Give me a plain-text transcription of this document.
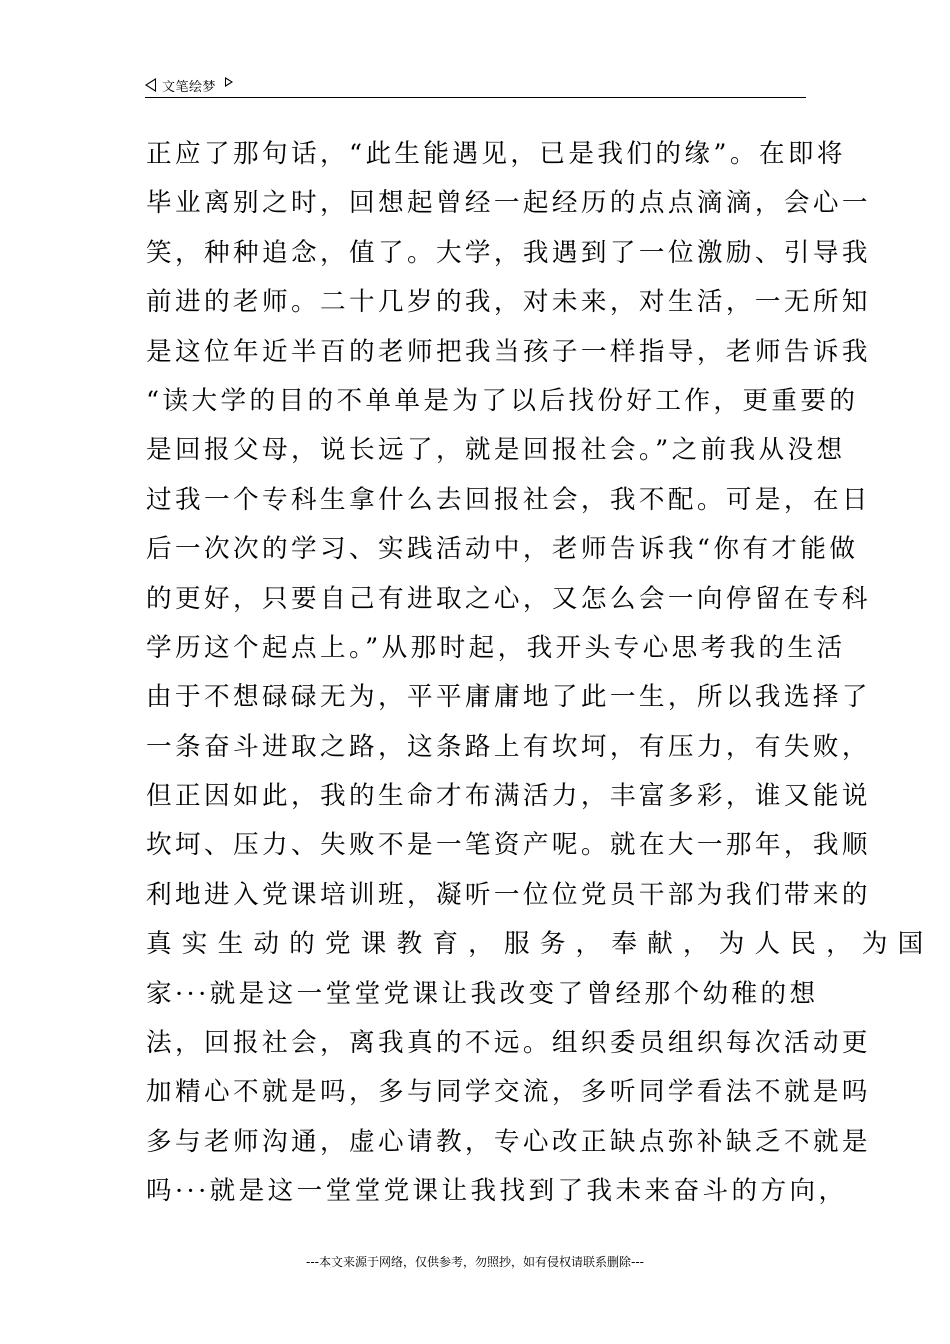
文笔绘梦
正应了那句话，“此生能遇见，已是我们的缘”。在即将
毕业离别之时，回想起曾经一起经历的点点滴滴，会心一
笑，种种追念，值了。大学，我遇到了一位激励、引导我
前进的老师。二十几岁的我，对未来，对生活，一无所知
是这位年近半百的老师把我当孩子一样指导，老师告诉我
“读大学的目的不单单是为了以后找份好工作，更重要的
是回报父母，说长远了，就是回报社会。”之前我从没想
过我一个专科生拿什么去回报社会，我不配。可是，在日
后一次次的学习、实践活动中，老师告诉我“你有才能做
的更好，只要自己有进取之心，又怎么会一向停留在专科
学历这个起点上。”从那时起，我开头专心思考我的生活
由于不想碌碌无为，平平庸庸地了此一生，所以我选择了
一条奋斗进取之路，这条路上有坎坷，有压力，有失败，
但正因如此，我的生命才布满活力，丰富多彩，谁又能说
坎坷、压力、失败不是一笔资产呢。就在大一那年，我顺
利地进入党课培训班，凝听一位位党员干部为我们带来的
真实生动的党课教育，服务，奉献，为人民，为国
家···就是这一堂堂党课让我改变了曾经那个幼稚的想
法，回报社会，离我真的不远。组织委员组织每次活动更
加精心不就是吗，多与同学交流，多听同学看法不就是吗
多与老师沟通，虚心请教，专心改正缺点弥补缺乏不就是
吗···就是这一堂堂党课让我找到了我未来奋斗的方向，
---本文来源于网络，仅供参考，勿照抄，如有侵权请联系删除---
